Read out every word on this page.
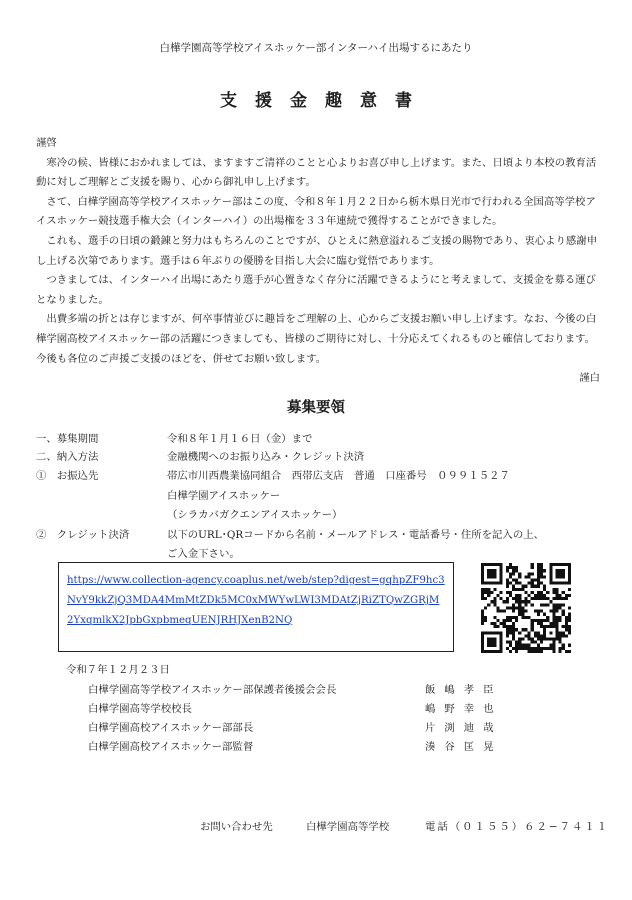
白樺学園高等学校アイスホッケー部インターハイ出場するにあたり
支援金趣意書

謹啓

寒冷の候、皆様におかれましては、ますますご清祥のことと心よりお喜び申し上げます。また、日頃より本校の教育活動に対しご理解とご支援を賜り、心から御礼申し上げます。

さて、白樺学園高等学校アイスホッケー部はこの度、令和８年１月２２日から栃木県日光市で行われる全国高等学校アイスホッケー競技選手権大会（インターハイ）の出場権を３３年連続で獲得することができました。

これも、選手の日頃の鍛錬と努力はもちろんのことですが、ひとえに熱意溢れるご支援の賜物であり、衷心より感謝申し上げる次第であります。選手は６年ぶりの優勝を目指し大会に臨む覚悟であります。

つきましては、インターハイ出場にあたり選手が心置きなく存分に活躍できるようにと考えまして、支援金を募る運びとなりました。

出費多端の折とは存じますが、何卒事情並びに趣旨をご理解の上、心からご支援お願い申し上げます。なお、今後の白樺学園高校アイスホッケー部の活躍につきましても、皆様のご期待に対し、十分応えてくれるものと確信しております。今後も各位のご声援ご支援のほどを、併せてお願い致します。

謹白
募集要領
一、募集期間	令和８年１月１６日（金）まで
二、納入方法	金融機関へのお振り込み・クレジット決済
①　お振込先	帯広市川西農業協同組合　西帯広支店　普通　口座番号　０９９１５２７
白樺学園アイスホッケー
（シラカバガクエンアイスホッケー）
②　クレジット決済	以下のURL･QRコードから名前・メールアドレス・電話番号・住所を記入の上、
ご入金下さい。
https://www.collection-agency.coaplus.net/web/step?digest=gqhpZF9hc3NvY9kkZjQ3MDA4MmMtZDk5MC0xMWYwLWI3MDAtZjRiZTQwZGRjM2YxqmlkX2JpbGxpbmeqUENJRHJXenB2NQ
令和７年１２月２３日
白樺学園高等学校アイスホッケー部保護者後援会会長	飯嶋孝臣
白樺学園高等学校校長	嶋野幸也
白樺学園高校アイスホッケー部部長	片渕迪哉
白樺学園高校アイスホッケー部監督	湊谷匡晃
お問い合わせ先	白樺学園高等学校	電話（０１５５）６２−７４１１
